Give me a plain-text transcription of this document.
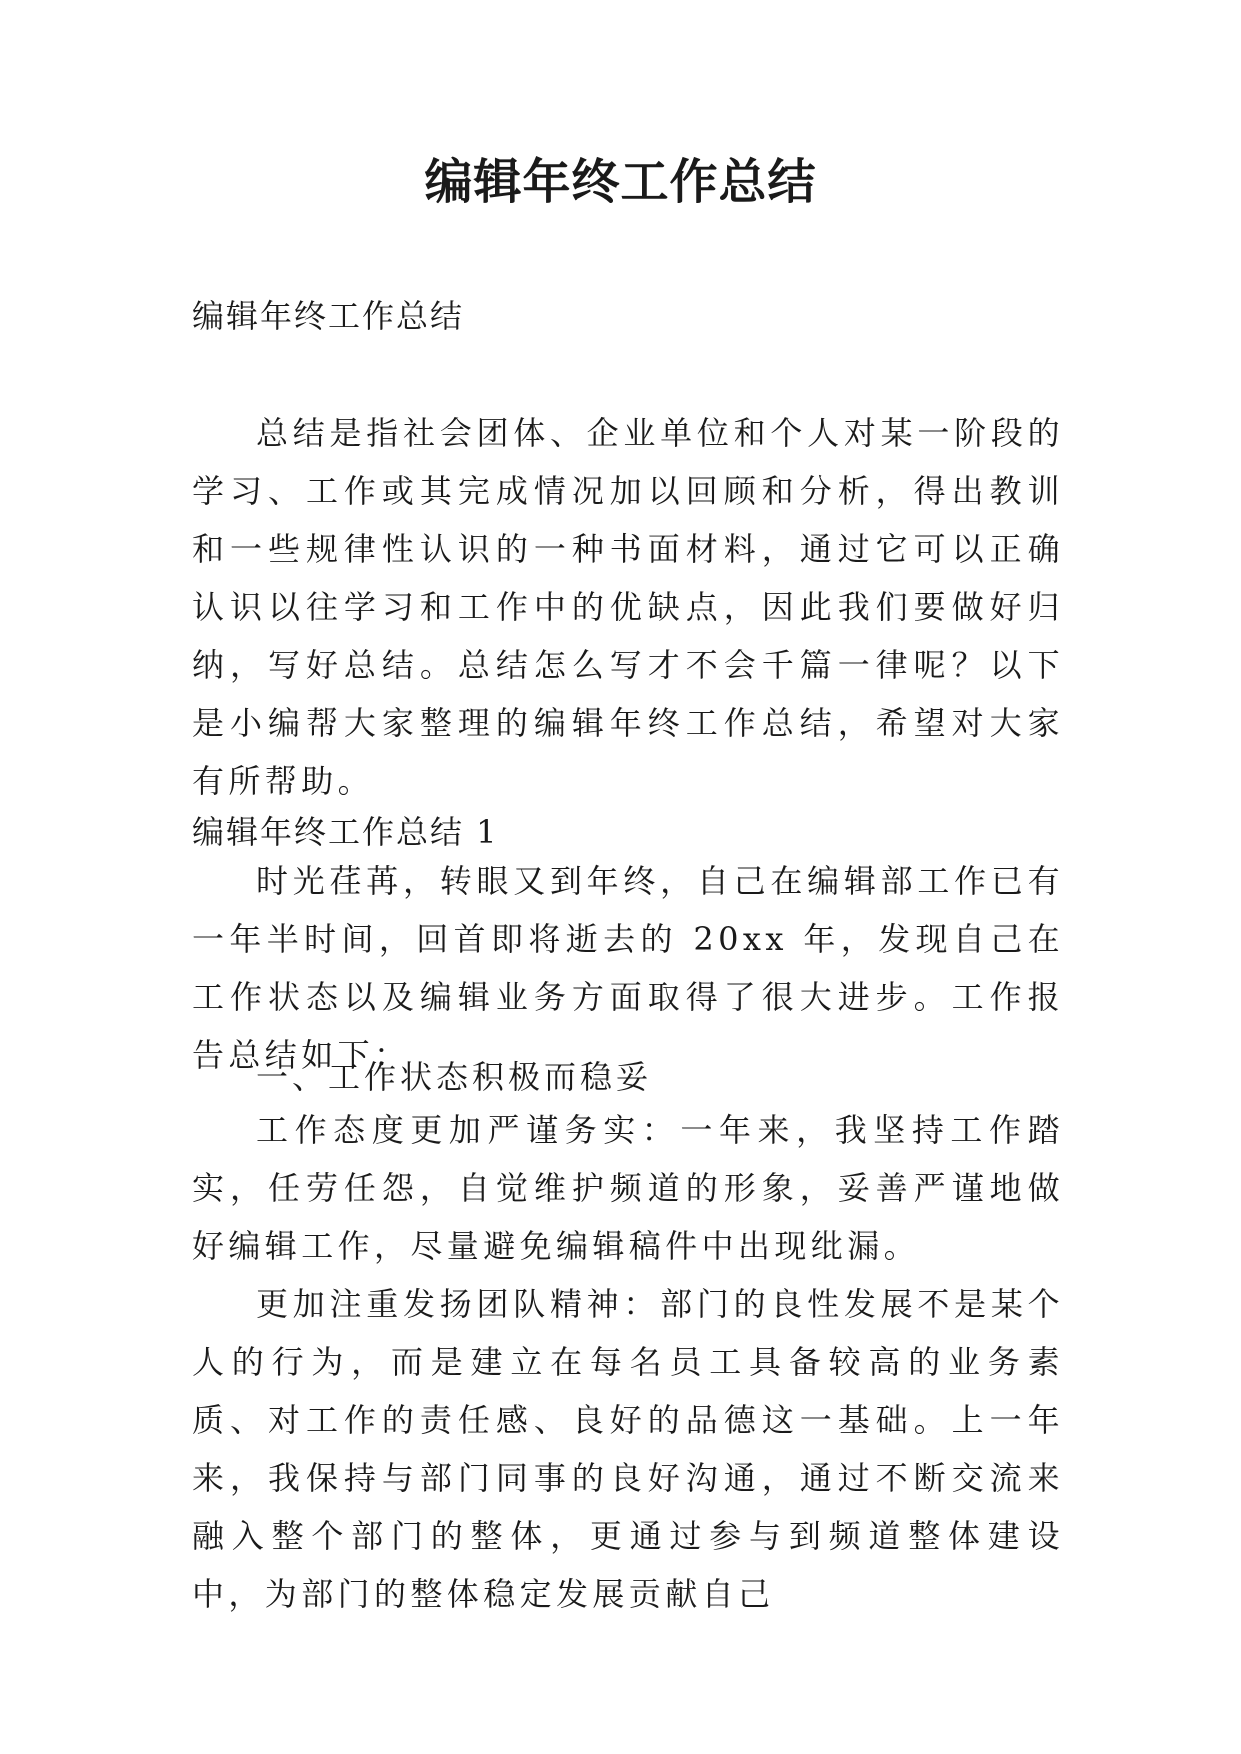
编辑年终工作总结
编辑年终工作总结
总结是指社会团体、企业单位和个人对某一阶段的学习、工作或其完成情况加以回顾和分析，得出教训和一些规律性认识的一种书面材料，通过它可以正确认识以往学习和工作中的优缺点，因此我们要做好归纳，写好总结。总结怎么写才不会千篇一律呢？以下是小编帮大家整理的编辑年终工作总结，希望对大家有所帮助。
编辑年终工作总结 1
时光荏苒，转眼又到年终，自己在编辑部工作已有一年半时间，回首即将逝去的 20xx 年，发现自己在工作状态以及编辑业务方面取得了很大进步。工作报告总结如下：
一、工作状态积极而稳妥
工作态度更加严谨务实：一年来，我坚持工作踏实，任劳任怨，自觉维护频道的形象，妥善严谨地做好编辑工作，尽量避免编辑稿件中出现纰漏。
更加注重发扬团队精神：部门的良性发展不是某个人的行为，而是建立在每名员工具备较高的业务素质、对工作的责任感、良好的品德这一基础。上一年来，我保持与部门同事的良好沟通，通过不断交流来融入整个部门的整体，更通过参与到频道整体建设中，为部门的整体稳定发展贡献自己
